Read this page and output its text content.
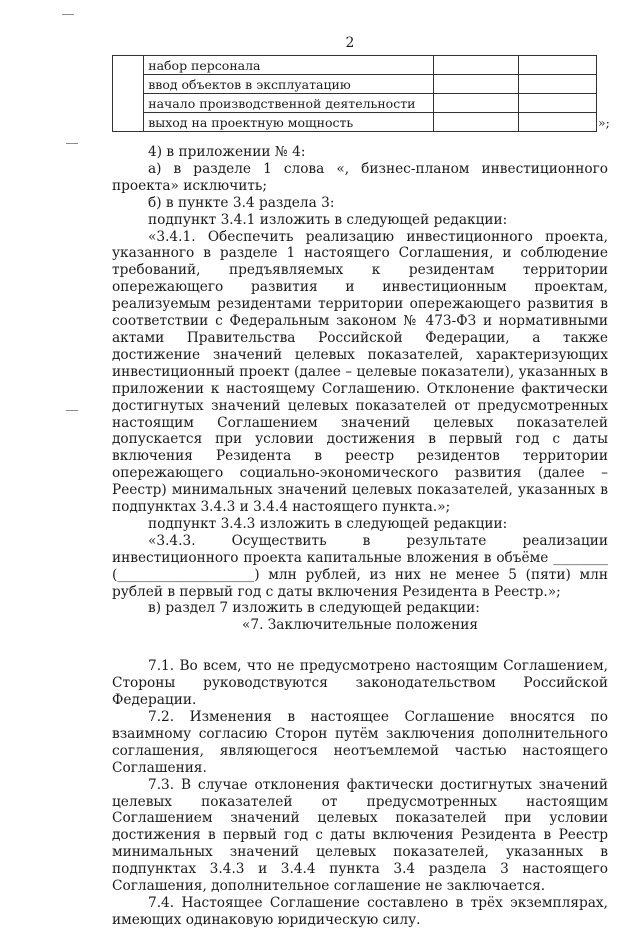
2
	набор персонала		
	ввод объектов в эксплуатацию		
	начало производственной деятельности		
	выход на проектную мощность			»;

4) в приложении № 4:

а) в разделе 1 слова «, бизнес-планом инвестиционного проекта» исключить;

б) в пункте 3.4 раздела 3:

подпункт 3.4.1 изложить в следующей редакции:

«3.4.1. Обеспечить реализацию инвестиционного проекта, указанного в разделе 1 настоящего Соглашения, и соблюдение требований, предъявляемых к резидентам территории опережающего развития и инвестиционным проектам, реализуемым резидентами территории опережающего развития в соответствии с Федеральным законом № 473-ФЗ и нормативными актами Правительства Российской Федерации, а также достижение значений целевых показателей, характеризующих инвестиционный проект (далее – целевые показатели), указанных в приложении к настоящему Соглашению. Отклонение фактически достигнутых значений целевых показателей от предусмотренных настоящим Соглашением значений целевых показателей допускается при условии достижения в первый год с даты включения Резидента в реестр резидентов территории опережающего социально-экономического развития (далее – Реестр) минимальных значений целевых показателей, указанных в подпунктах 3.4.3 и 3.4.4 настоящего пункта.»;

подпункт 3.4.3 изложить в следующей редакции:

«3.4.3. Осуществить в результате реализации инвестиционного проекта капитальные вложения в объёме ________ (____________________) млн рублей, из них не менее 5 (пяти) млн рублей в первый год с даты включения Резидента в Реестр.»;

в) раздел 7 изложить в следующей редакции:

«7. Заключительные положения

7.1. Во всем, что не предусмотрено настоящим Соглашением, Стороны руководствуются законодательством Российской Федерации.

7.2. Изменения в настоящее Соглашение вносятся по взаимному согласию Сторон путём заключения дополнительного соглашения, являющегося неотъемлемой частью настоящего Соглашения.

7.3. В случае отклонения фактически достигнутых значений целевых показателей от предусмотренных настоящим Соглашением значений целевых показателей при условии достижения в первый год с даты включения Резидента в Реестр минимальных значений целевых показателей, указанных в подпунктах 3.4.3 и 3.4.4 пункта 3.4 раздела 3 настоящего Соглашения, дополнительное соглашение не заключается.

7.4. Настоящее Соглашение составлено в трёх экземплярах, имеющих одинаковую юридическую силу.
